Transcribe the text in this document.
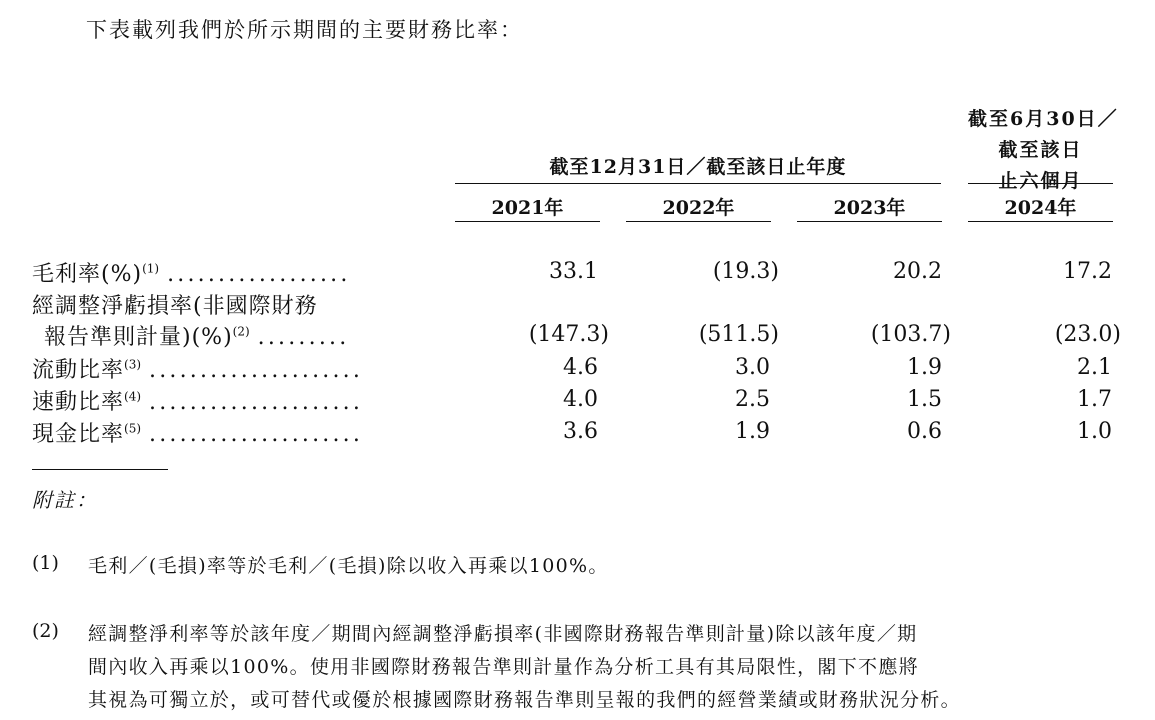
下表載列我們於所示期間的主要財務比率：
截至6月30日／
截至該日
止六個月
截至12月31日／截至該日止年度
2021年	2022年	2023年	2024年
毛利率(%)$^{(1)}$ ..................	33.1	(19.3)	20.2	17.2
經調整淨虧損率(非國際財務
報告準則計量)(%)$^{(2)}$ .........	(147.3)	(511.5)	(103.7)	(23.0)
流動比率$^{(3)}$ .....................	4.6	3.0	1.9	2.1
速動比率$^{(4)}$ .....................	4.0	2.5	1.5	1.7
現金比率$^{(5)}$ .....................	3.6	1.9	0.6	1.0
附註：
(1) 毛利／(毛損)率等於毛利／(毛損)除以收入再乘以100%。
(2) 經調整淨利率等於該年度／期間內經調整淨虧損率(非國際財務報告準則計量)除以該年度／期
間內收入再乘以100%。使用非國際財務報告準則計量作為分析工具有其局限性，閣下不應將
其視為可獨立於，或可替代或優於根據國際財務報告準則呈報的我們的經營業績或財務狀況分析。
